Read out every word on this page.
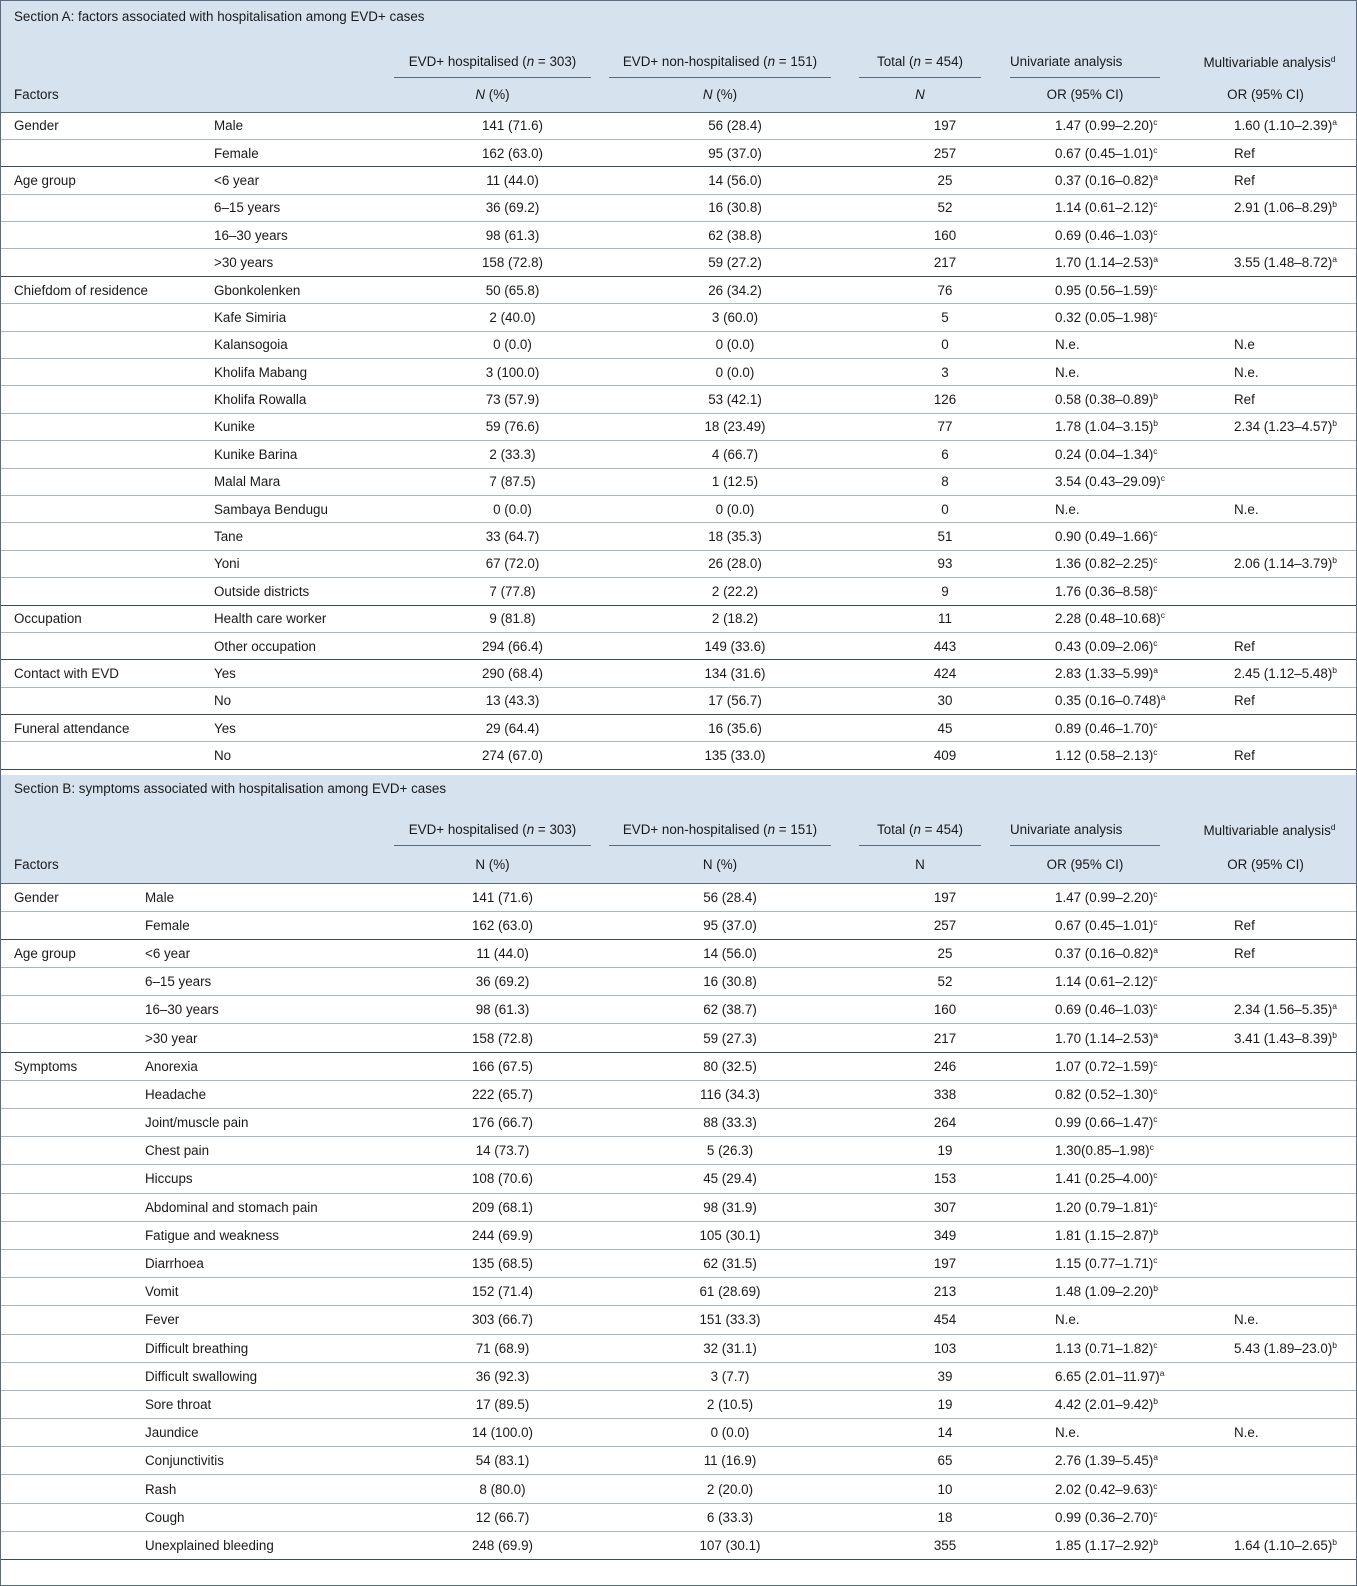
Section A: factors associated with hospitalisation among EVD+ cases						
		EVD+ hospitalised (n = 303)	EVD+ non-hospitalised (n = 151)	Total (n = 454)	Univariate analysis	Multivariable analysis$^d$
Factors		N (%)	N (%)	N	OR (95% CI)	OR (95% CI)
Gender	Male	141 (71.6)	56 (28.4)	197	1.47 $(0.99-2.20)^c$	1.60 $(1.10-2.39)^a$
	Female	162 (63.0)	95 (37.0)	257	0.67 $(0.45-1.01)^c$	Ref
Age group	<6 year	11 (44.0)	14 (56.0)	25	0.37 $(0.16-0.82)^a$	Ref
	6–15 years	36 (69.2)	16 (30.8)	52	1.14 $(0.61-2.12)^c$	2.91 $(1.06-8.29)^b$
	16–30 years	98 (61.3)	62 (38.8)	160	0.69 $(0.46-1.03)^c$	
	>30 years	158 (72.8)	59 (27.2)	217	1.70 $(1.14-2.53)^a$	3.55 $(1.48-8.72)^a$
Chiefdom of residence	Gbonkolenken	50 (65.8)	26 (34.2)	76	0.95 $(0.56-1.59)^c$	
	Kafe Simiria	2 (40.0)	3 (60.0)	5	0.32 $(0.05-1.98)^c$	
	Kalansogoia	0 (0.0)	0 (0.0)	0	N.e.	N.e
	Kholifa Mabang	3 (100.0)	0 (0.0)	3	N.e.	N.e.
	Kholifa Rowalla	73 (57.9)	53 (42.1)	126	0.58 $(0.38-0.89)^b$	Ref
	Kunike	59 (76.6)	18 (23.49)	77	1.78 $(1.04-3.15)^b$	2.34 $(1.23-4.57)^b$
	Kunike Barina	2 (33.3)	4 (66.7)	6	0.24 $(0.04-1.34)^c$	
	Malal Mara	7 (87.5)	1 (12.5)	8	3.54 $(0.43-29.09)^c$	
	Sambaya Bendugu	0 (0.0)	0 (0.0)	0	N.e.	N.e.
	Tane	33 (64.7)	18 (35.3)	51	0.90 $(0.49-1.66)^c$	
	Yoni	67 (72.0)	26 (28.0)	93	1.36 $(0.82-2.25)^c$	2.06 $(1.14-3.79)^b$
	Outside districts	7 (77.8)	2 (22.2)	9	1.76 $(0.36-8.58)^c$	
Occupation	Health care worker	9 (81.8)	2 (18.2)	11	2.28 $(0.48-10.68)^c$	
	Other occupation	294 (66.4)	149 (33.6)	443	0.43 $(0.09-2.06)^c$	Ref
Contact with EVD	Yes	290 (68.4)	134 (31.6)	424	2.83 $(1.33-5.99)^a$	2.45 $(1.12-5.48)^b$
	No	13 (43.3)	17 (56.7)	30	0.35 $(0.16-0.748)^a$	Ref
Funeral attendance	Yes	29 (64.4)	16 (35.6)	45	0.89 $(0.46-1.70)^c$	
	No	274 (67.0)	135 (33.0)	409	1.12 $(0.58-2.13)^c$	Ref
Section B: symptoms associated with hospitalisation among EVD+ cases						
		EVD+ hospitalised (n = 303)	EVD+ non-hospitalised (n = 151)	Total (n = 454)	Univariate analysis	Multivariable analysis$^d$
Factors		N (%)	N (%)	N	OR (95% CI)	OR (95% CI)
Gender	Male	141 (71.6)	56 (28.4)	197	1.47 $(0.99-2.20)^c$	
	Female	162 (63.0)	95 (37.0)	257	0.67 $(0.45-1.01)^c$	Ref
Age group	<6 year	11 (44.0)	14 (56.0)	25	0.37 $(0.16-0.82)^a$	Ref
	6–15 years	36 (69.2)	16 (30.8)	52	1.14 $(0.61-2.12)^c$	
	16–30 years	98 (61.3)	62 (38.7)	160	0.69 $(0.46-1.03)^c$	2.34 $(1.56-5.35)^a$
	>30 year	158 (72.8)	59 (27.3)	217	1.70 $(1.14-2.53)^a$	3.41 $(1.43-8.39)^b$
Symptoms	Anorexia	166 (67.5)	80 (32.5)	246	1.07 $(0.72-1.59)^c$	
	Headache	222 (65.7)	116 (34.3)	338	0.82 $(0.52-1.30)^c$	
	Joint/muscle pain	176 (66.7)	88 (33.3)	264	0.99 $(0.66-1.47)^c$	
	Chest pain	14 (73.7)	5 (26.3)	19	$1.30(0.85-1.98)^c$	
	Hiccups	108 (70.6)	45 (29.4)	153	1.41 $(0.25-4.00)^c$	
	Abdominal and stomach pain	209 (68.1)	98 (31.9)	307	1.20 $(0.79-1.81)^c$	
	Fatigue and weakness	244 (69.9)	105 (30.1)	349	1.81 $(1.15-2.87)^b$	
	Diarrhoea	135 (68.5)	62 (31.5)	197	1.15 $(0.77-1.71)^c$	
	Vomit	152 (71.4)	61 (28.69)	213	1.48 $(1.09-2.20)^b$	
	Fever	303 (66.7)	151 (33.3)	454	N.e.	N.e.
	Difficult breathing	71 (68.9)	32 (31.1)	103	1.13 $(0.71-1.82)^c$	5.43 $(1.89-23.0)^b$
	Difficult swallowing	36 (92.3)	3 (7.7)	39	6.65 $(2.01-11.97)^a$	
	Sore throat	17 (89.5)	2 (10.5)	19	4.42 $(2.01-9.42)^b$	
	Jaundice	14 (100.0)	0 (0.0)	14	N.e.	N.e.
	Conjunctivitis	54 (83.1)	11 (16.9)	65	2.76 $(1.39-5.45)^a$	
	Rash	8 (80.0)	2 (20.0)	10	2.02 $(0.42-9.63)^c$	
	Cough	12 (66.7)	6 (33.3)	18	0.99 $(0.36-2.70)^c$	
	Unexplained bleeding	248 (69.9)	107 (30.1)	355	1.85 $(1.17-2.92)^b$	1.64 $(1.10-2.65)^b$
